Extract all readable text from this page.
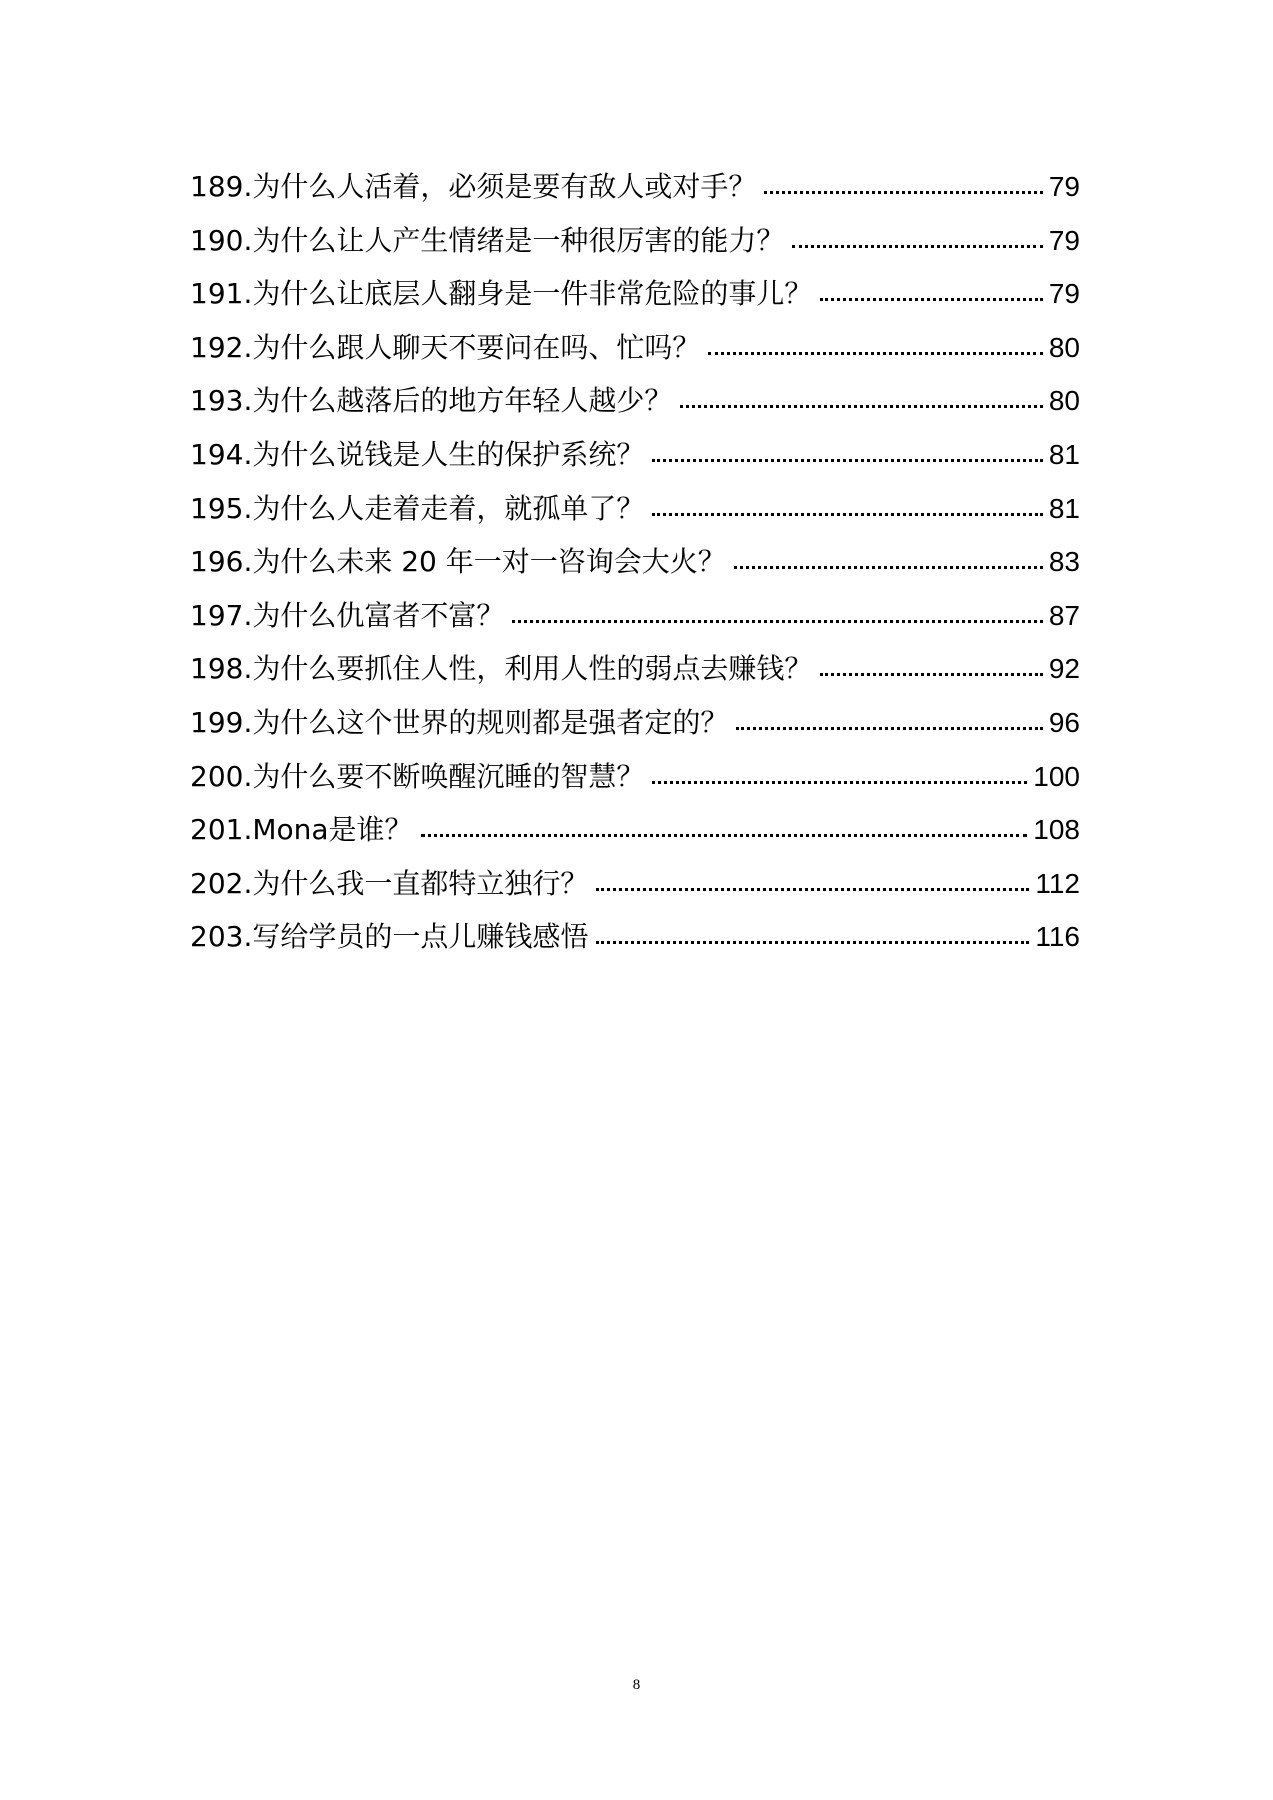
189.为什么人活着，必须是要有敌人或对手？	79
190.为什么让人产生情绪是一种很厉害的能力？	79
191.为什么让底层人翻身是一件非常危险的事儿？	79
192.为什么跟人聊天不要问在吗、忙吗？	80
193.为什么越落后的地方年轻人越少？	80
194.为什么说钱是人生的保护系统？	81
195.为什么人走着走着，就孤单了？	81
196.为什么未来 20 年一对一咨询会大火？	83
197.为什么仇富者不富？	87
198.为什么要抓住人性，利用人性的弱点去赚钱？	92
199.为什么这个世界的规则都是强者定的？	96
200.为什么要不断唤醒沉睡的智慧？	100
201.Mona是谁？	108
202.为什么我一直都特立独行？	112
203.写给学员的一点儿赚钱感悟	116
8
